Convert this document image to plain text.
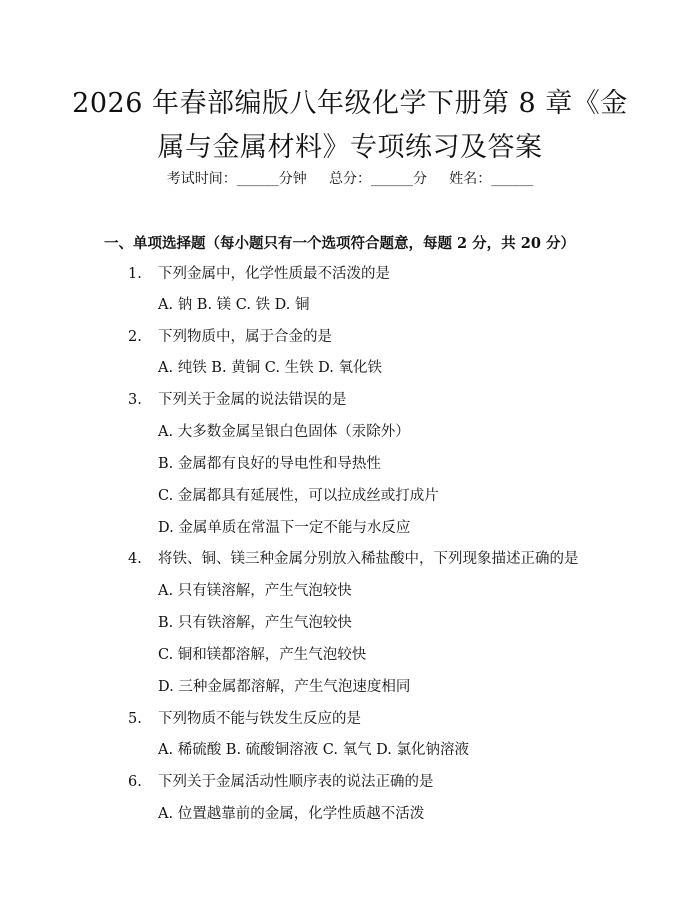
2026 年春部编版八年级化学下册第 8 章《金
属与金属材料》专项练习及答案
考试时间：______分钟     总分：______分     姓名：______
一、单项选择题（每小题只有一个选项符合题意，每题 2 分，共 20 分）
1. 下列金属中，化学性质最不活泼的是
A. 钠 B. 镁 C. 铁 D. 铜
2. 下列物质中，属于合金的是
A. 纯铁 B. 黄铜 C. 生铁 D. 氧化铁
3. 下列关于金属的说法错误的是
A. 大多数金属呈银白色固体（汞除外）
B. 金属都有良好的导电性和导热性
C. 金属都具有延展性，可以拉成丝或打成片
D. 金属单质在常温下一定不能与水反应
4. 将铁、铜、镁三种金属分别放入稀盐酸中，下列现象描述正确的是
A. 只有镁溶解，产生气泡较快
B. 只有铁溶解，产生气泡较快
C. 铜和镁都溶解，产生气泡较快
D. 三种金属都溶解，产生气泡速度相同
5. 下列物质不能与铁发生反应的是
A. 稀硫酸 B. 硫酸铜溶液 C. 氧气 D. 氯化钠溶液
6. 下列关于金属活动性顺序表的说法正确的是
A. 位置越靠前的金属，化学性质越不活泼
